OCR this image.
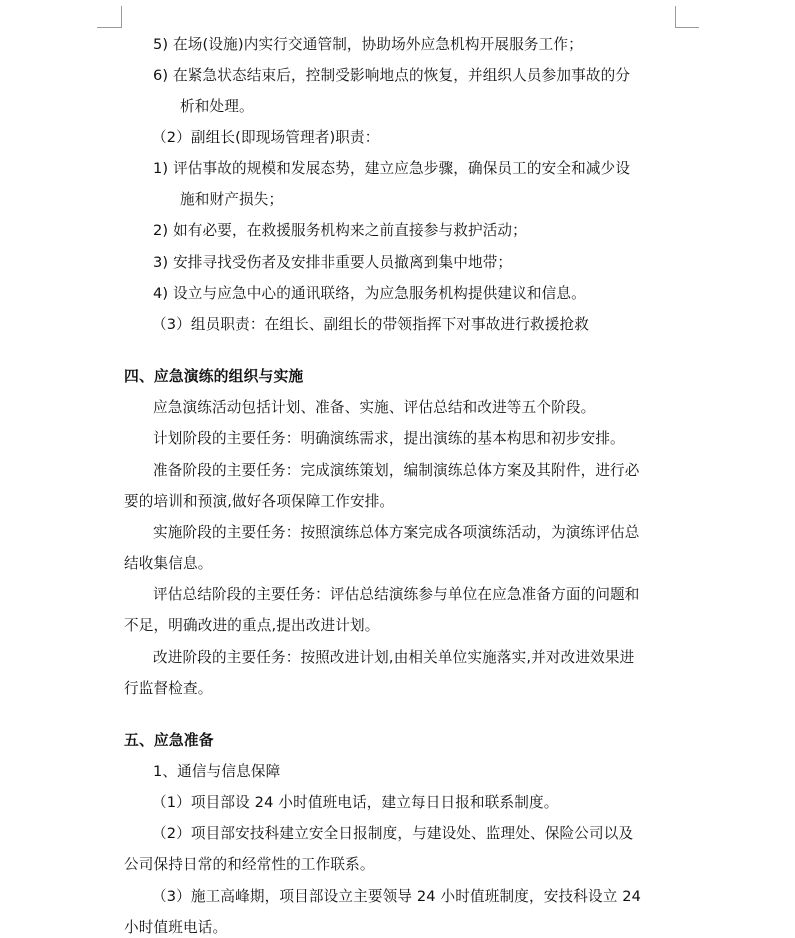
5) 在场(设施)内实行交通管制，协助场外应急机构开展服务工作；
6) 在紧急状态结束后，控制受影响地点的恢复，并组织人员参加事故的分
析和处理。
（2）副组长(即现场管理者)职责：
1) 评估事故的规模和发展态势，建立应急步骤，确保员工的安全和减少设
施和财产损失；
2) 如有必要，在救援服务机构来之前直接参与救护活动；
3) 安排寻找受伤者及安排非重要人员撤离到集中地带；
4) 设立与应急中心的通讯联络，为应急服务机构提供建议和信息。
（3）组员职责：在组长、副组长的带领指挥下对事故进行救援抢救
四、应急演练的组织与实施
应急演练活动包括计划、准备、实施、评估总结和改进等五个阶段。
计划阶段的主要任务：明确演练需求，提出演练的基本构思和初步安排。
准备阶段的主要任务：完成演练策划，编制演练总体方案及其附件，进行必
要的培训和预演,做好各项保障工作安排。
实施阶段的主要任务：按照演练总体方案完成各项演练活动，为演练评估总
结收集信息。
评估总结阶段的主要任务：评估总结演练参与单位在应急准备方面的问题和
不足，明确改进的重点,提出改进计划。
改进阶段的主要任务：按照改进计划,由相关单位实施落实,并对改进效果进
行监督检查。
五、应急准备
1、通信与信息保障
（1）项目部设 24 小时值班电话，建立每日日报和联系制度。
（2）项目部安技科建立安全日报制度，与建设处、监理处、保险公司以及
公司保持日常的和经常性的工作联系。
（3）施工高峰期，项目部设立主要领导 24 小时值班制度，安技科设立 24
小时值班电话。
